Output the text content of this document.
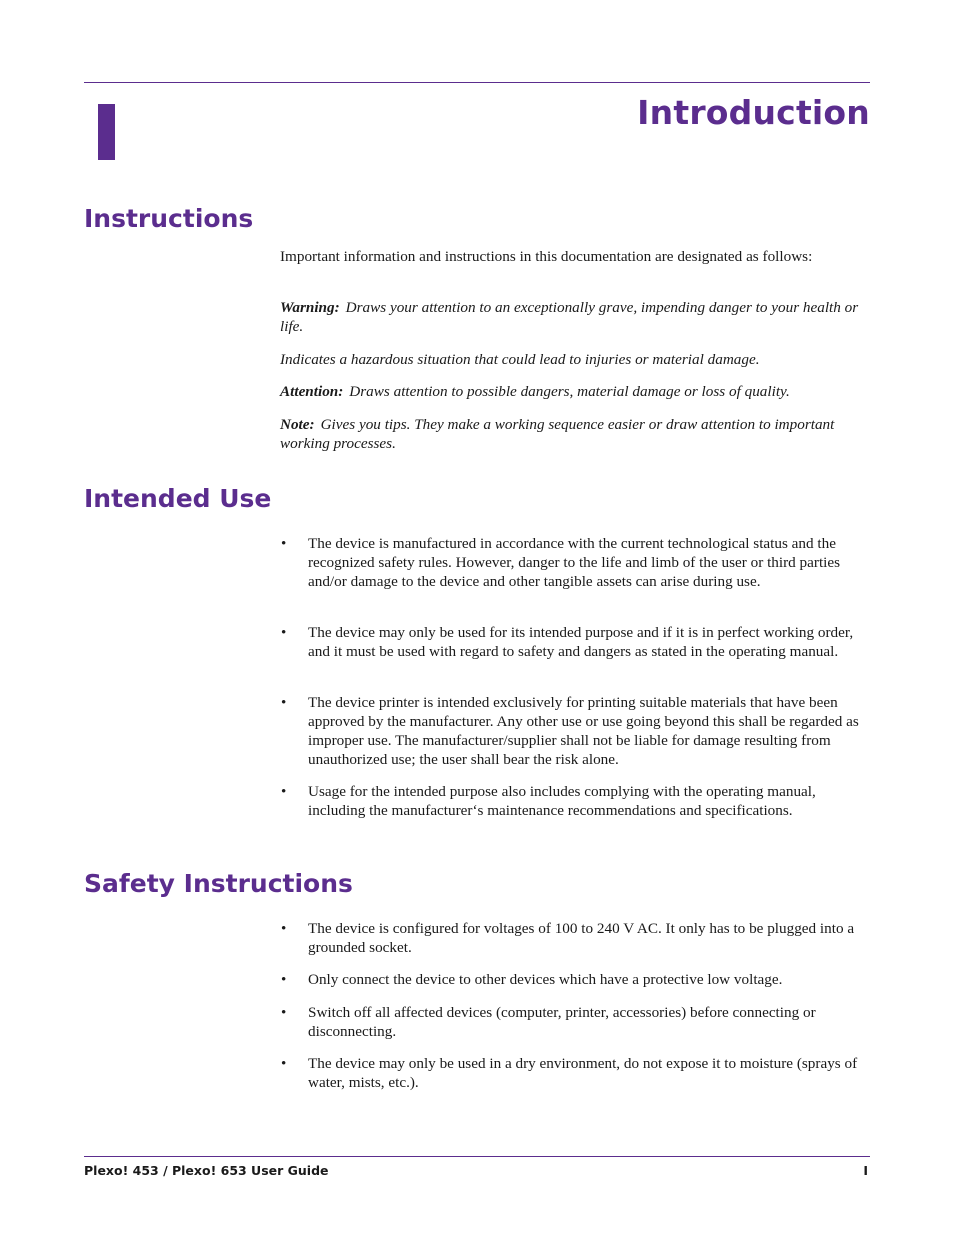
Introduction
Instructions

Important information and instructions in this documentation are designated as follows:

Warning: Draws your attention to an exceptionally grave, impending danger to your health or life.

Indicates a hazardous situation that could lead to injuries or material damage.

Attention: Draws attention to possible dangers, material damage or loss of quality.

Note: Gives you tips. They make a working sequence easier or draw attention to important working processes.

Intended Use
• The device is manufactured in accordance with the current technological status and the recognized safety rules. However, danger to the life and limb of the user or third parties and/or damage to the device and other tangible assets can arise during use.
• The device may only be used for its intended purpose and if it is in perfect working order, and it must be used with regard to safety and dangers as stated in the operating manual.
• The device printer is intended exclusively for printing suitable materials that have been approved by the manufacturer. Any other use or use going beyond this shall be regarded as improper use. The manufacturer/supplier shall not be liable for damage resulting from unauthorized use; the user shall bear the risk alone.
• Usage for the intended purpose also includes complying with the operating manual, including the manufacturer‘s maintenance recommendations and specifications.
Safety Instructions
• The device is configured for voltages of 100 to 240 V AC. It only has to be plugged into a grounded socket.
• Only connect the device to other devices which have a protective low voltage.
• Switch off all affected devices (computer, printer, accessories) before connecting or disconnecting.
• The device may only be used in a dry environment, do not expose it to moisture (sprays of water, mists, etc.).

Plexo! 453 / Plexo! 653 User Guide	I
